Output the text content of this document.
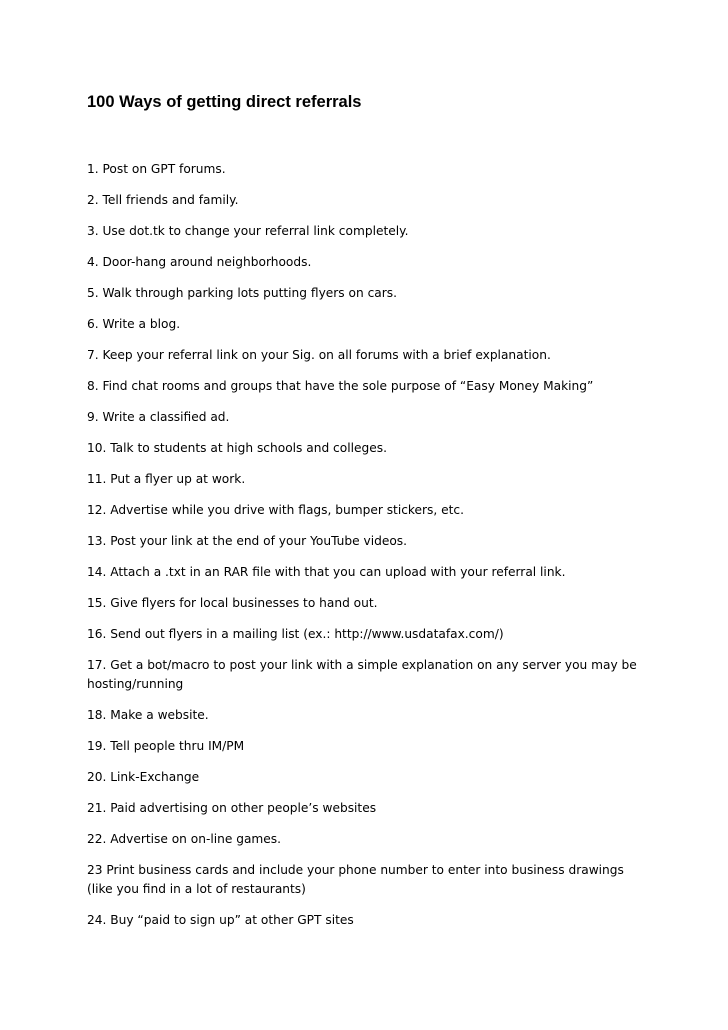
100 Ways of getting direct referrals
1. Post on GPT forums.
2. Tell friends and family.
3. Use dot.tk to change your referral link completely.
4. Door-hang around neighborhoods.
5. Walk through parking lots putting flyers on cars.
6. Write a blog.
7. Keep your referral link on your Sig. on all forums with a brief explanation.
8. Find chat rooms and groups that have the sole purpose of “Easy Money Making”
9. Write a classified ad.
10. Talk to students at high schools and colleges.
11. Put a flyer up at work.
12. Advertise while you drive with flags, bumper stickers, etc.
13. Post your link at the end of your YouTube videos.
14. Attach a .txt in an RAR file with that you can upload with your referral link.
15. Give flyers for local businesses to hand out.
16. Send out flyers in a mailing list (ex.: http://www.usdatafax.com/)
17. Get a bot/macro to post your link with a simple explanation on any server you may be hosting/running
18. Make a website.
19. Tell people thru IM/PM
20. Link-Exchange
21. Paid advertising on other people’s websites
22. Advertise on on-line games.
23 Print business cards and include your phone number to enter into business drawings (like you find in a lot of restaurants)
24. Buy “paid to sign up” at other GPT sites
